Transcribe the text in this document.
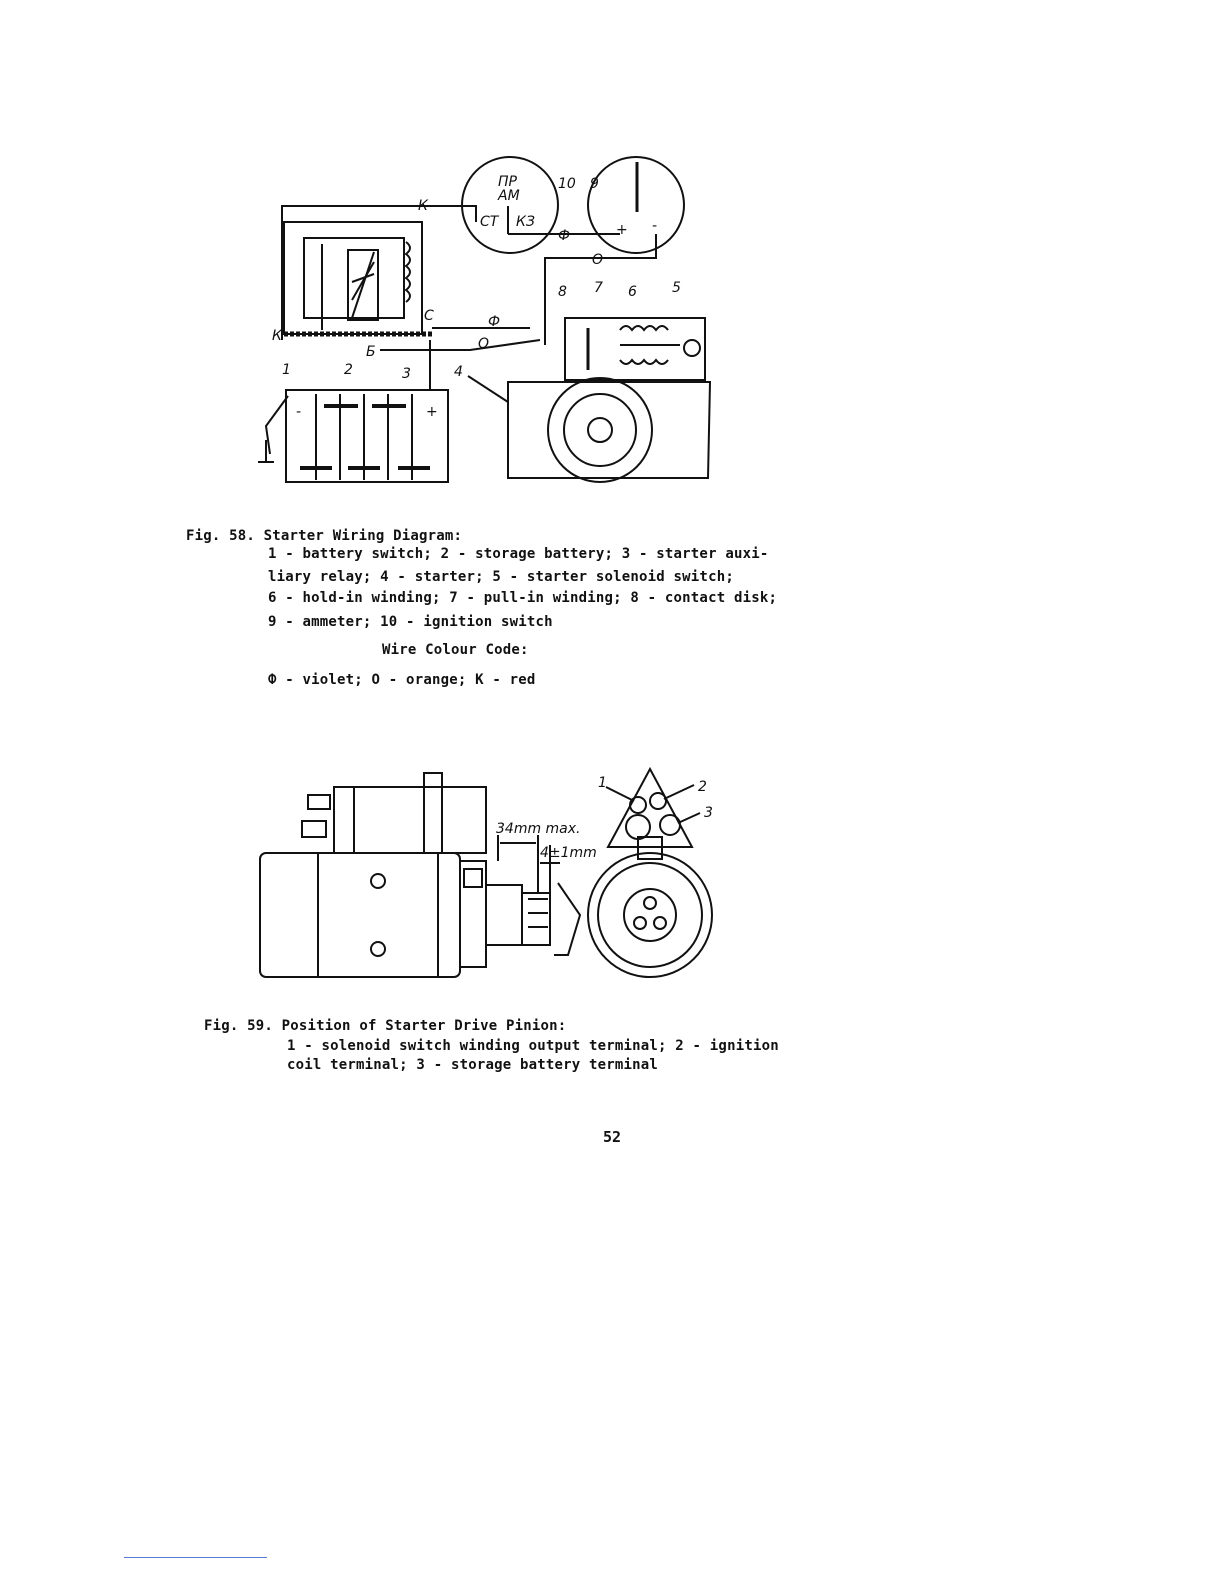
ПР
АМ
СТ КЗ
10 9
+ -
К
Ф
О
К
С
Б
3
Ф
О
-	+
2
1
8 7 6	5
4
Fig. 58. Starter Wiring Diagram:
1 - battery switch; 2 - storage battery; 3 - starter auxi-
liary relay; 4 - starter; 5 - starter solenoid switch;
6 - hold-in winding; 7 - pull-in winding; 8 - contact disk;
9 - ammeter; 10 - ignition switch
Wire Colour Code:
Ф - violet; О - orange; К - red
34mm max.
4±1mm
1	2
3
Fig. 59. Position of Starter Drive Pinion:
1 - solenoid switch winding output terminal; 2 - ignition
coil terminal; 3 - storage battery terminal
52
